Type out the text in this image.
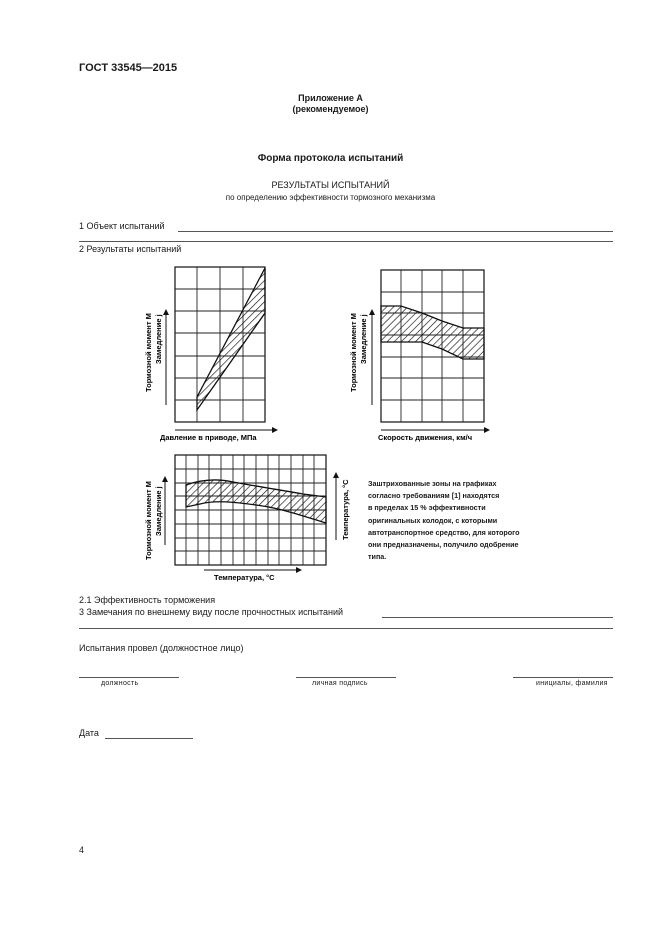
ГОСТ 33545—2015
Приложение А
(рекомендуемое)
Форма протокола испытаний
РЕЗУЛЬТАТЫ ИСПЫТАНИЙ
по определению эффективности тормозного механизма
1 Объект испытаний
2 Результаты испытаний
Давление в приводе, МПа
Тормозной момент M Замедление j
Скорость движения, км/ч
Тормозной момент M Замедление j
Температура, °С
Тормозной момент M Замедление j	Температура, °С	Заштрихованные зоны на графиках
согласно требованиям [1] находятся
в пределах 15 % эффективности
оригинальных колодок, с которыми
автотранспортное средство, для которого
они предназначены, получило одобрение
типа.
2.1 Эффективность торможения
3 Замечания по внешнему виду после прочностных испытаний
Испытания провел (должностное лицо)
должность	личная подпись	инициалы, фамилия
Дата
4
